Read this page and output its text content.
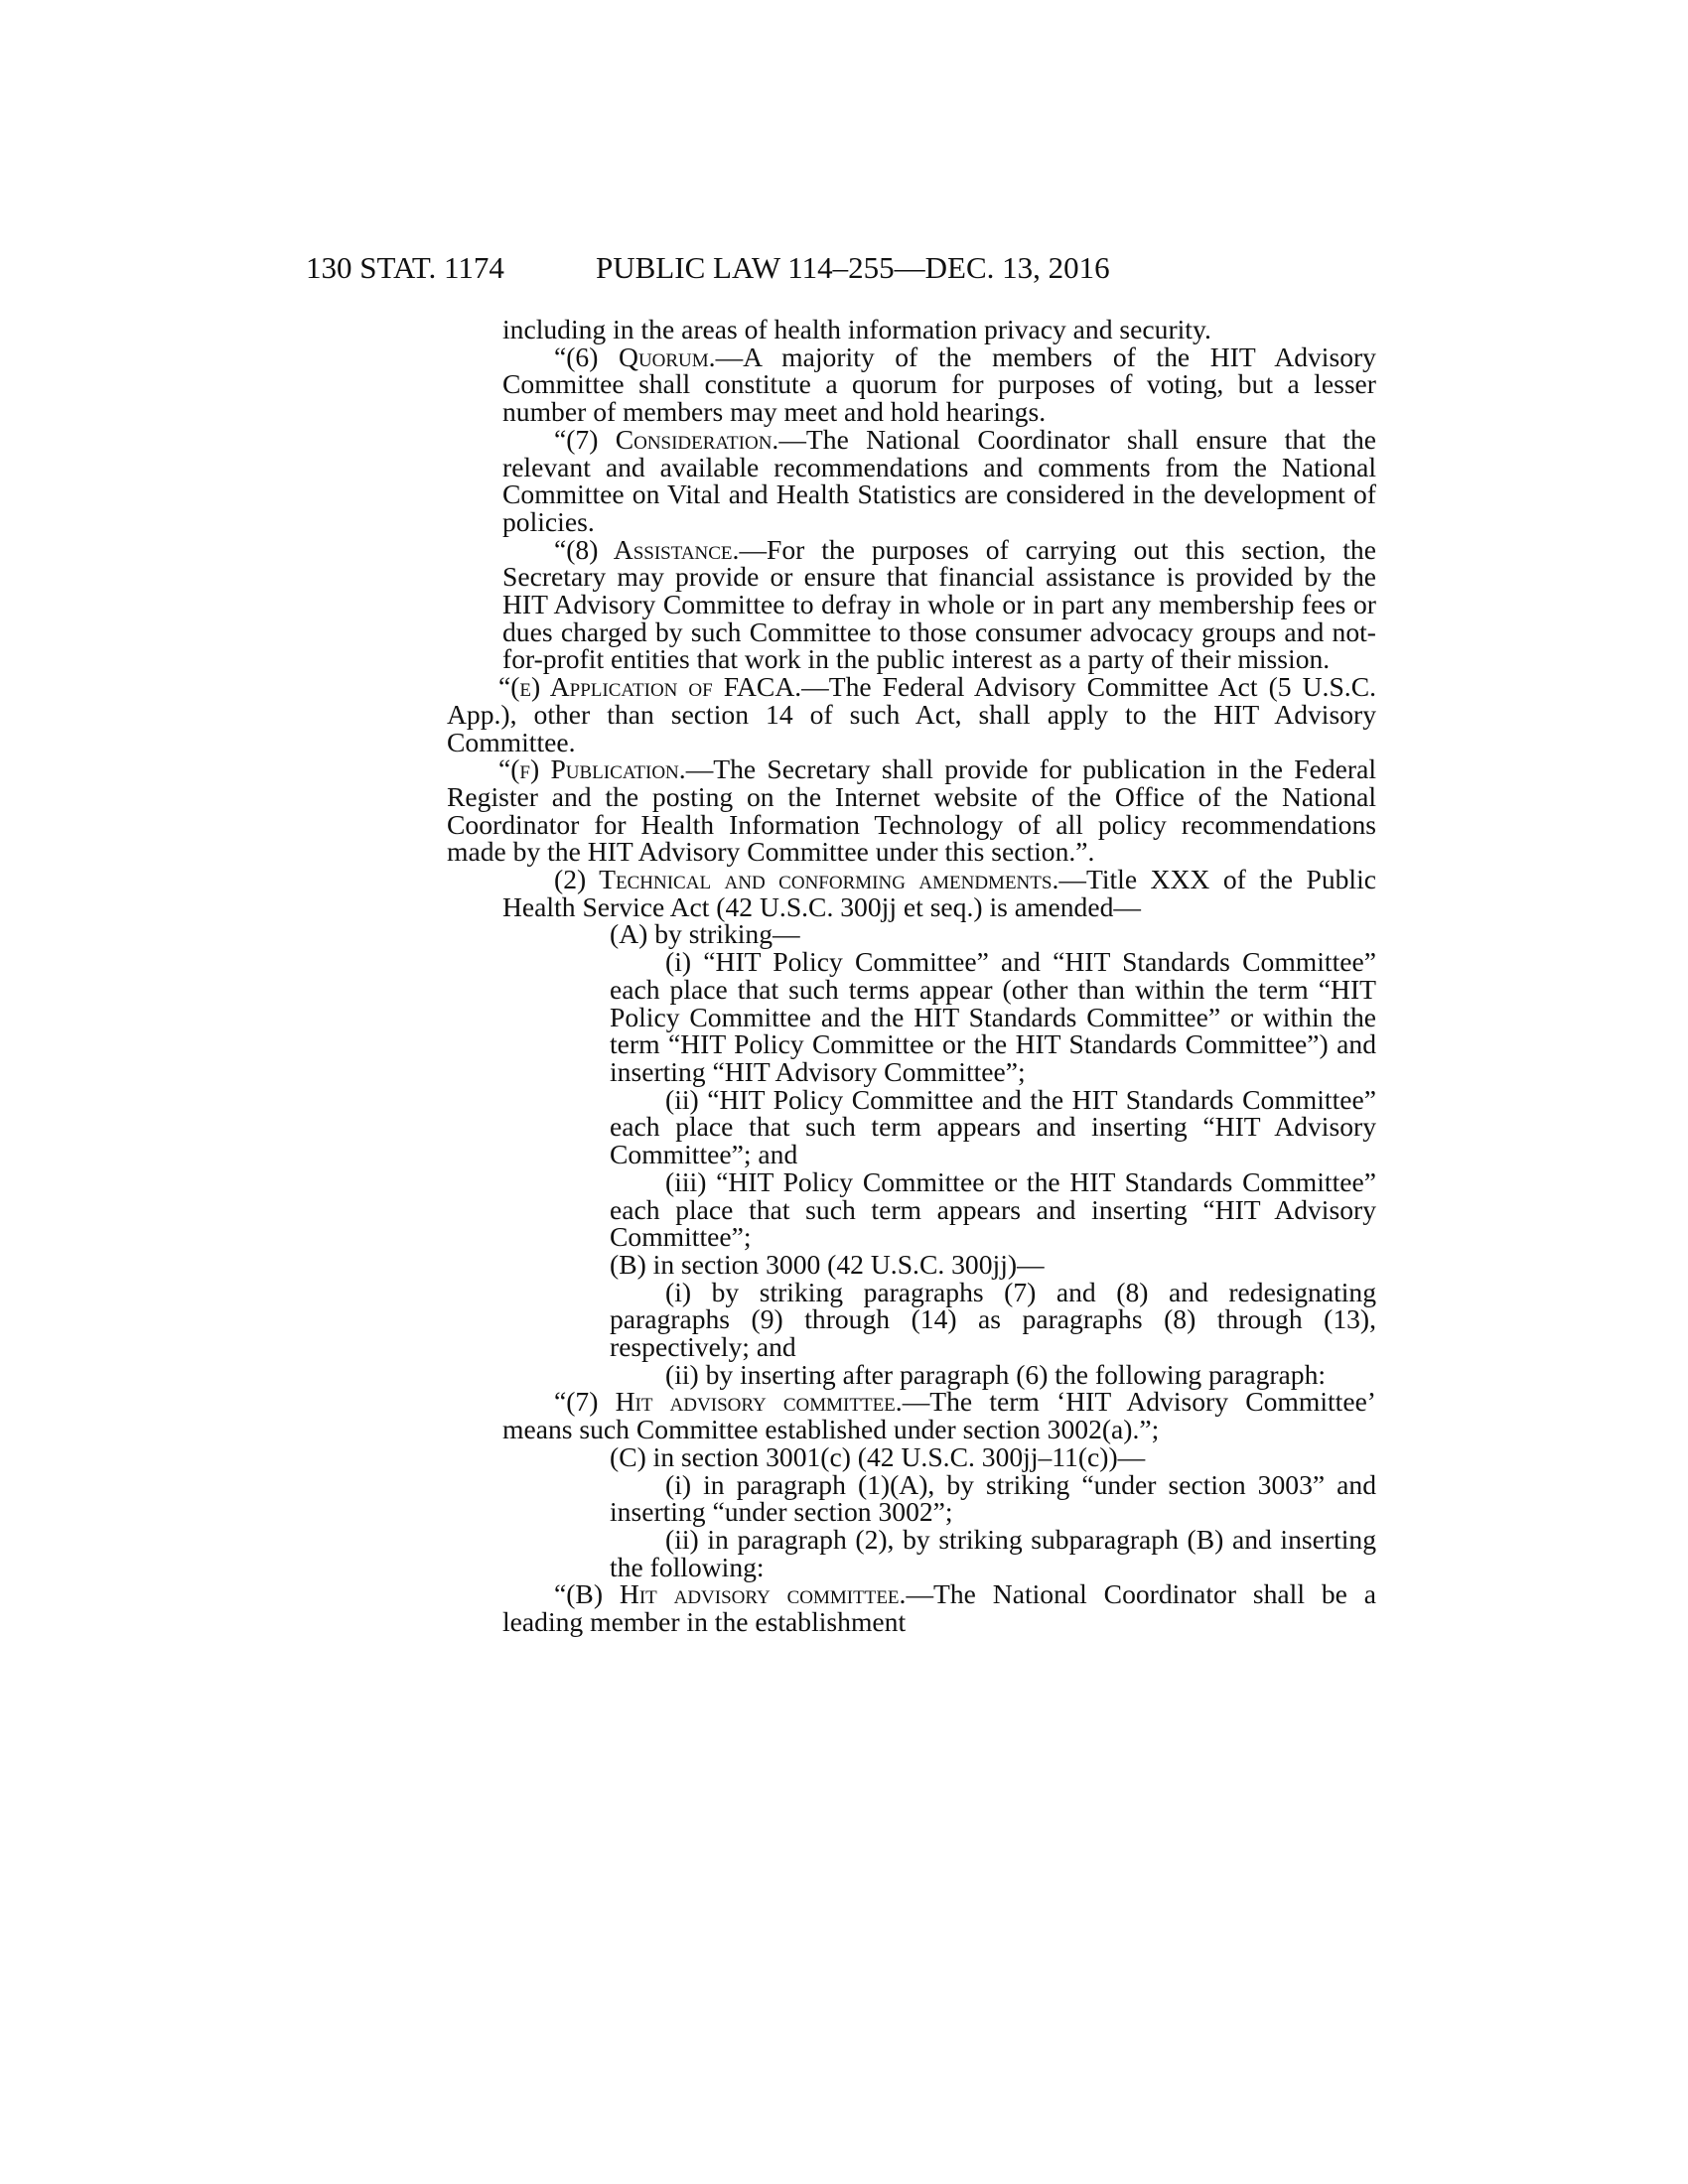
130 STAT. 1174	PUBLIC LAW 114–255—DEC. 13, 2016

including in the areas of health information privacy and security.

“(6) Quorum.—A majority of the members of the HIT Advisory Committee shall constitute a quorum for purposes of voting, but a lesser number of members may meet and hold hearings.

“(7) Consideration.—The National Coordinator shall ensure that the relevant and available recommendations and comments from the National Committee on Vital and Health Statistics are considered in the development of policies.

“(8) Assistance.—For the purposes of carrying out this section, the Secretary may provide or ensure that financial assistance is provided by the HIT Advisory Committee to defray in whole or in part any membership fees or dues charged by such Committee to those consumer advocacy groups and not-for-profit entities that work in the public interest as a party of their mission.

“(e) Application of FACA.—The Federal Advisory Committee Act (5 U.S.C. App.), other than section 14 of such Act, shall apply to the HIT Advisory Committee.

“(f) Publication.—The Secretary shall provide for publication in the Federal Register and the posting on the Internet website of the Office of the National Coordinator for Health Information Technology of all policy recommendations made by the HIT Advisory Committee under this section.”.

(2) Technical and conforming amendments.—Title XXX of the Public Health Service Act (42 U.S.C. 300jj et seq.) is amended—

(A) by striking—

(i) “HIT Policy Committee” and “HIT Standards Committee” each place that such terms appear (other than within the term “HIT Policy Committee and the HIT Standards Committee” or within the term “HIT Policy Committee or the HIT Standards Committee”) and inserting “HIT Advisory Committee”;

(ii) “HIT Policy Committee and the HIT Standards Committee” each place that such term appears and inserting “HIT Advisory Committee”; and

(iii) “HIT Policy Committee or the HIT Standards Committee” each place that such term appears and inserting “HIT Advisory Committee”;

(B) in section 3000 (42 U.S.C. 300jj)—

(i) by striking paragraphs (7) and (8) and redesignating paragraphs (9) through (14) as paragraphs (8) through (13), respectively; and

(ii) by inserting after paragraph (6) the following paragraph:

“(7) Hit advisory committee.—The term ‘HIT Advisory Committee’ means such Committee established under section 3002(a).”;

(C) in section 3001(c) (42 U.S.C. 300jj–11(c))—

(i) in paragraph (1)(A), by striking “under section 3003” and inserting “under section 3002”;

(ii) in paragraph (2), by striking subparagraph (B) and inserting the following:

“(B) Hit advisory committee.—The National Coordinator shall be a leading member in the establishment
